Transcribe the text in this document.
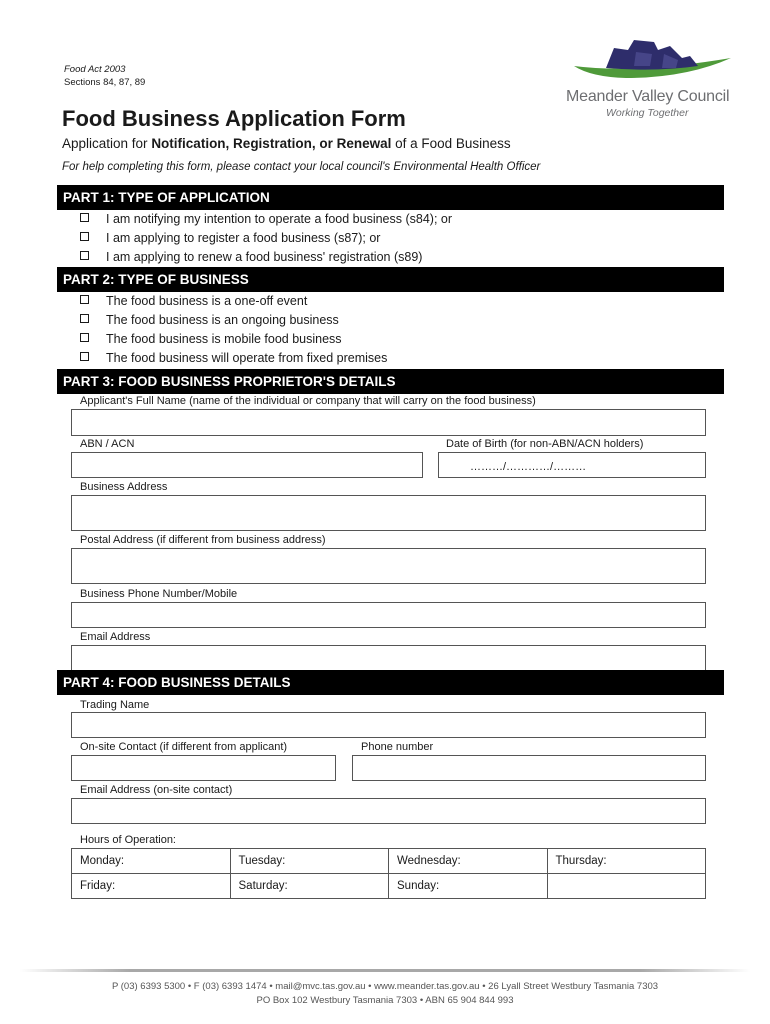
Food Act 2003
Sections 84, 87, 89
Meander Valley Council
Working Together
Food Business Application Form
Application for Notification, Registration, or Renewal of a Food Business
For help completing this form, please contact your local council's Environmental Health Officer
PART 1: TYPE OF APPLICATION
I am notifying my intention to operate a food business (s84); or
I am applying to register a food business (s87); or
I am applying to renew a food business' registration (s89)
PART 2: TYPE OF BUSINESS
The food business is a one-off event
The food business is an ongoing business
The food business is mobile food business
The food business will operate from fixed premises
PART 3: FOOD BUSINESS PROPRIETOR'S DETAILS
Applicant's Full Name (name of the individual or company that will carry on the food business)
ABN / ACN	Date of Birth (for non-ABN/ACN holders)
………/…………/………
Business Address
Postal Address (if different from business address)
Business Phone Number/Mobile
Email Address
PART 4: FOOD BUSINESS DETAILS
Trading Name
On-site Contact (if different from applicant)	Phone number
Email Address (on-site contact)
Hours of Operation:
Monday:	Tuesday:	Wednesday:	Thursday:
Friday:	Saturday:	Sunday:	
P (03) 6393 5300 • F (03) 6393 1474 • mail@mvc.tas.gov.au • www.meander.tas.gov.au • 26 Lyall Street Westbury Tasmania 7303
PO Box 102 Westbury Tasmania 7303 • ABN 65 904 844 993
